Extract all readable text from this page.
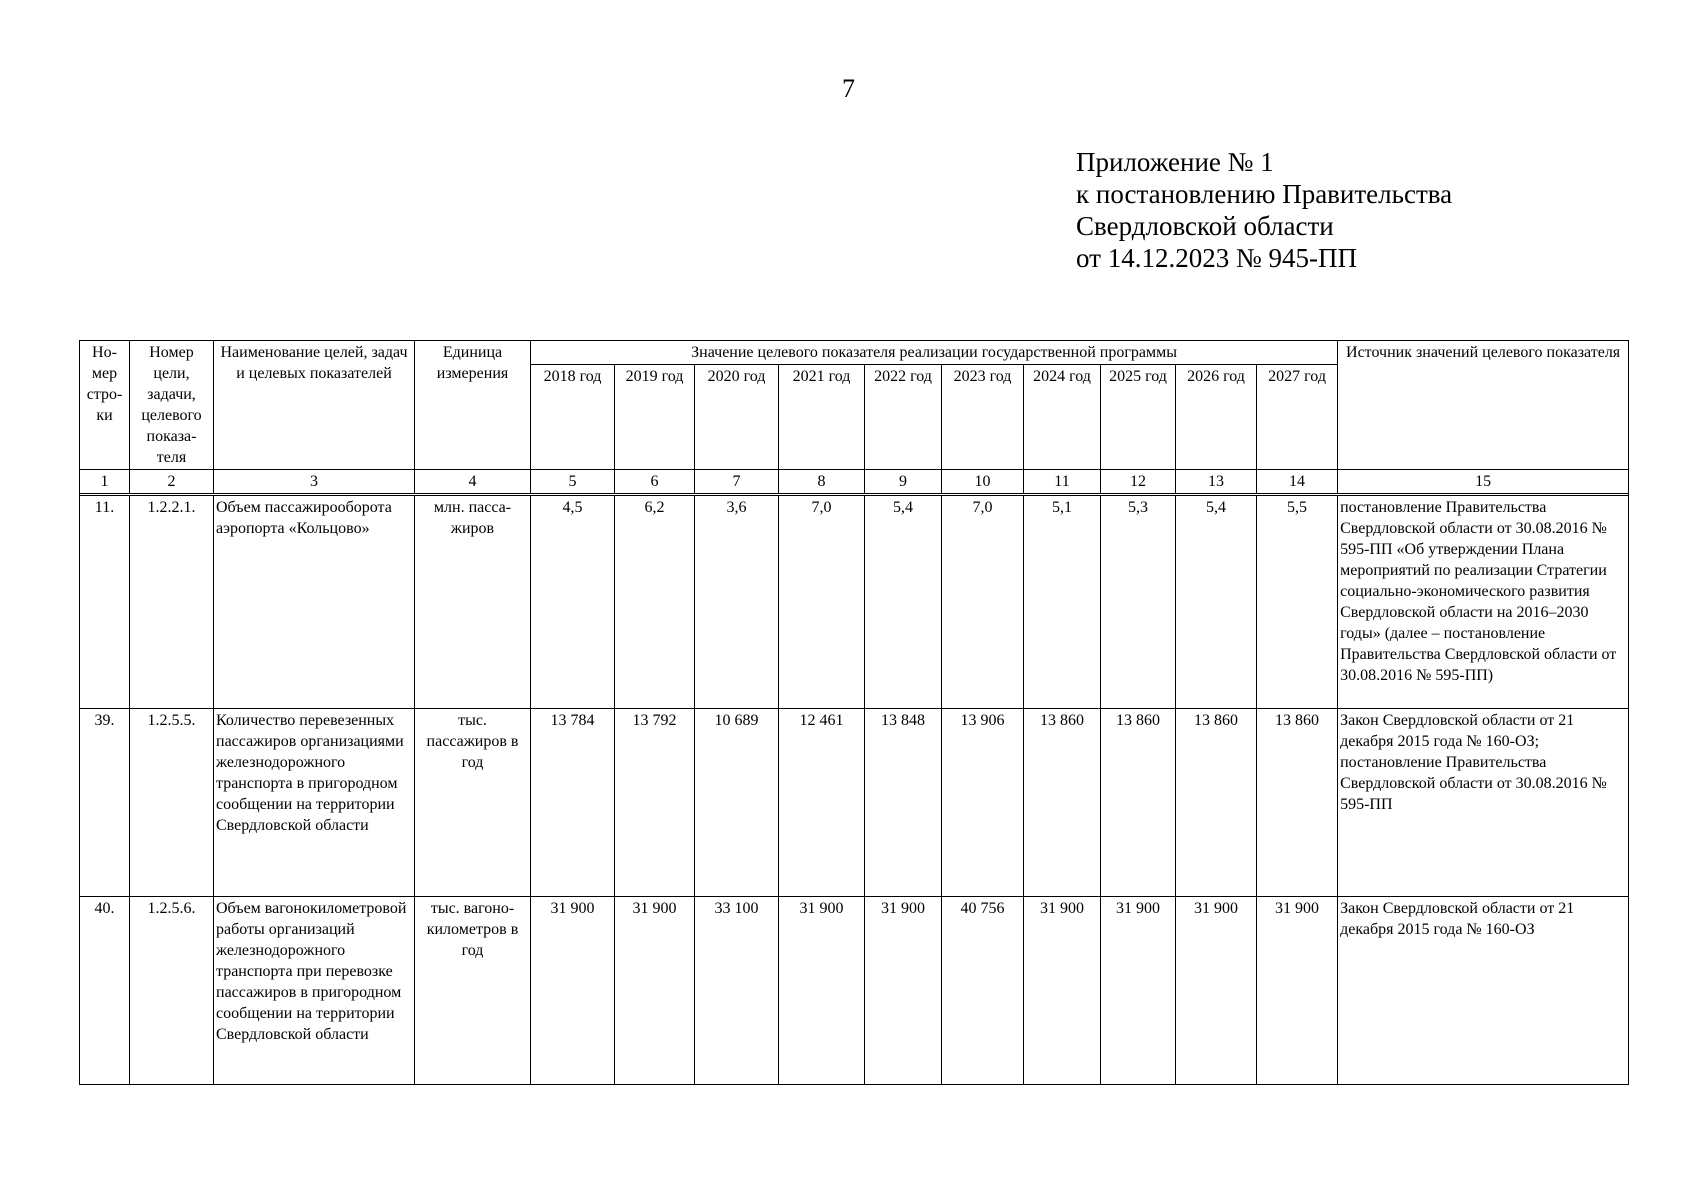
7
Приложение № 1
к постановлению Правительства
Свердловской области
от 14.12.2023 № 945-ПП
Но-мер стро-ки	Номер цели, задачи, целевого показа-теля	Наименование целей, задач и целевых показателей	Единица измерения	Значение целевого показателя реализации государственной программы										Источник значений целевого показателя
				2018 год	2019 год	2020 год	2021 год	2022 год	2023 год	2024 год	2025 год	2026 год	2027 год	
1	2	3	4	5	6	7	8	9	10	11	12	13	14	15

11.	1.2.2.1.	Объем пассажирооборота аэропорта «Кольцово»	млн. пасса-жиров	4,5	6,2	3,6	7,0	5,4	7,0	5,1	5,3	5,4	5,5	постановление Правительства Свердловской области от 30.08.2016 № 595-ПП «Об утверждении Плана мероприятий по реализации Стратегии социально-экономического развития Свердловской области на 2016–2030 годы» (далее – постановление Правительства Свердловской области от 30.08.2016 № 595-ПП)
39.	1.2.5.5.	Количество перевезенных пассажиров организациями железнодорожного транспорта в пригородном сообщении на территории Свердловской области	тыс. пассажиров в год	13 784	13 792	10 689	12 461	13 848	13 906	13 860	13 860	13 860	13 860	Закон Свердловской области от 21 декабря 2015 года № 160-ОЗ; постановление Правительства Свердловской области от 30.08.2016 № 595-ПП
40.	1.2.5.6.	Объем вагонокилометровой работы организаций железнодорожного транспорта при перевозке пассажиров в пригородном сообщении на территории Свердловской области	тыс. вагоно-километров в год	31 900	31 900	33 100	31 900	31 900	40 756	31 900	31 900	31 900	31 900	Закон Свердловской области от 21 декабря 2015 года № 160-ОЗ
